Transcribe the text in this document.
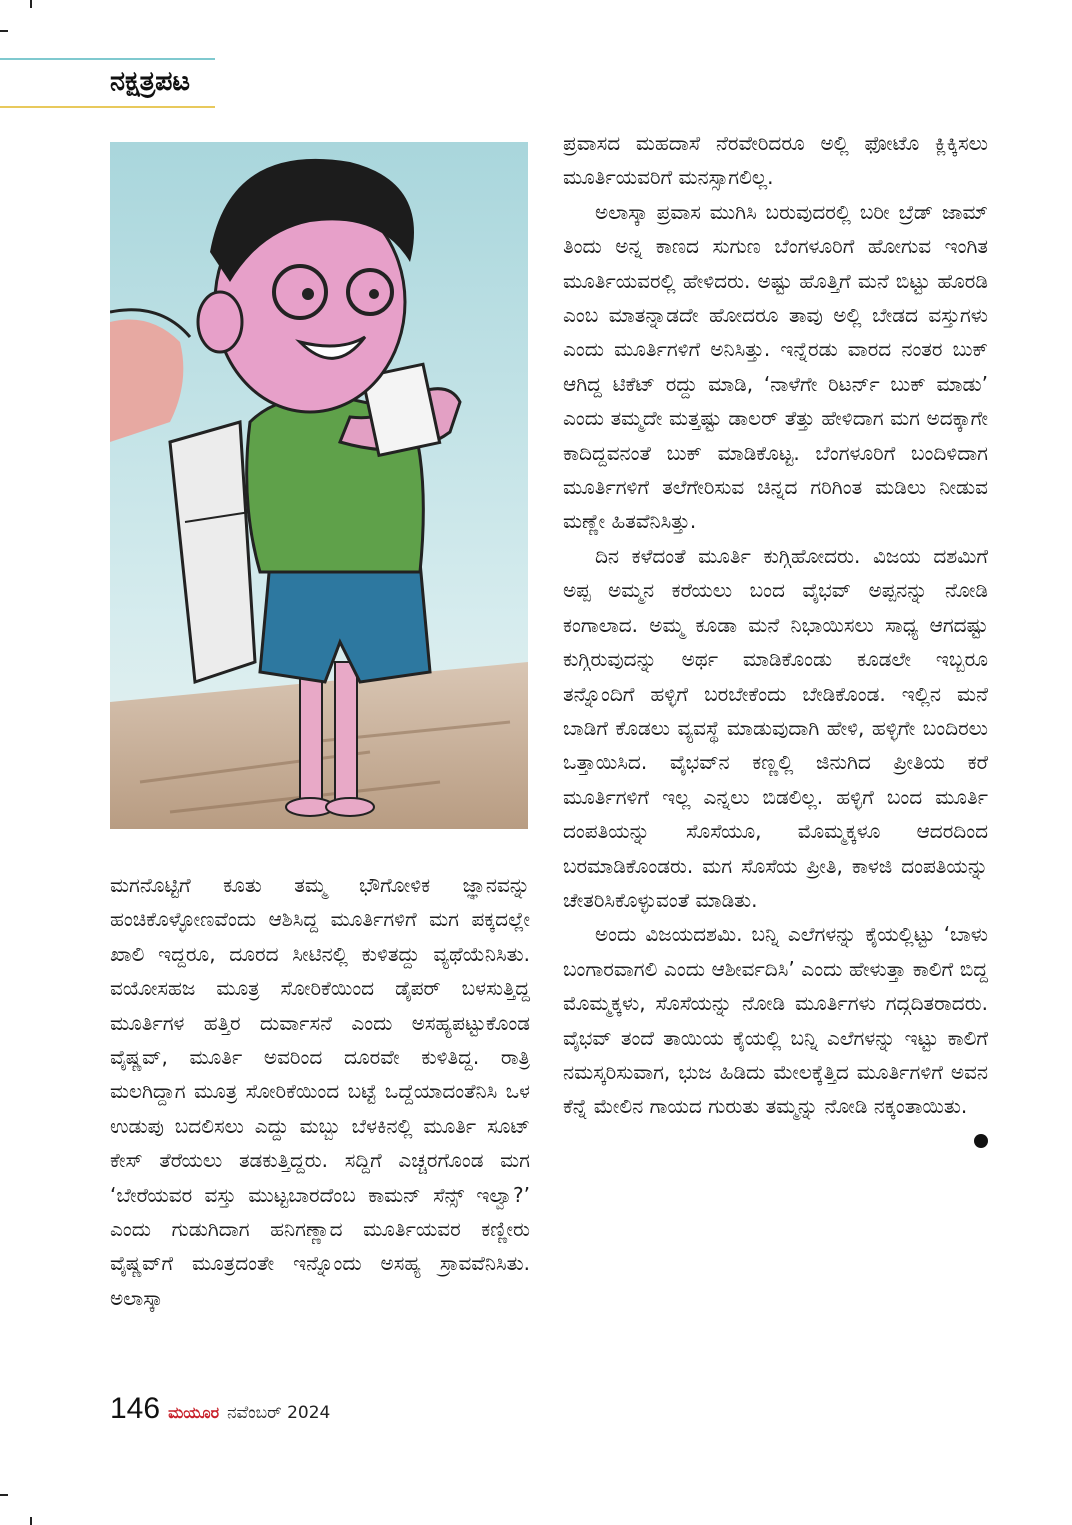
ನಕ್ಷತ್ರಪಟ

ಮಗನೊಟ್ಟಿಗೆ ಕೂತು ತಮ್ಮ ಭೌಗೋಳಿಕ ಜ್ಞಾನವನ್ನು ಹಂಚಿಕೊಳ್ಳೋಣವೆಂದು ಆಶಿಸಿದ್ದ ಮೂರ್ತಿಗಳಿಗೆ ಮಗ ಪಕ್ಕದಲ್ಲೇ ಖಾಲಿ ಇದ್ದರೂ, ದೂರದ ಸೀಟಿನಲ್ಲಿ ಕುಳಿತದ್ದು ವ್ಯಥೆಯೆನಿಸಿತು. ವಯೋಸಹಜ ಮೂತ್ರ ಸೋರಿಕೆಯಿಂದ ಡೈಪರ್ ಬಳಸುತ್ತಿದ್ದ ಮೂರ್ತಿಗಳ ಹತ್ತಿರ ದುರ್ವಾಸನೆ ಎಂದು ಅಸಹ್ಯಪಟ್ಟುಕೊಂಡ ವೈಷ್ಣವ್, ಮೂರ್ತಿ ಅವರಿಂದ ದೂರವೇ ಕುಳಿತಿದ್ದ. ರಾತ್ರಿ ಮಲಗಿದ್ದಾಗ ಮೂತ್ರ ಸೋರಿಕೆಯಿಂದ ಬಟ್ಟೆ ಒದ್ದೆಯಾದಂತೆನಿಸಿ ಒಳ ಉಡುಪು ಬದಲಿಸಲು ಎದ್ದು ಮಬ್ಬು ಬೆಳಕಿನಲ್ಲಿ ಮೂರ್ತಿ ಸೂಟ್ ಕೇಸ್ ತೆರೆಯಲು ತಡಕುತ್ತಿದ್ದರು. ಸದ್ದಿಗೆ ಎಚ್ಚರಗೊಂಡ ಮಗ ‘ಬೇರೆಯವರ ವಸ್ತು ಮುಟ್ಟಬಾರದೆಂಬ ಕಾಮನ್ ಸೆನ್ಸ್ ಇಲ್ವಾ?’ ಎಂದು ಗುಡುಗಿದಾಗ ಹನಿಗಣ್ಣಾದ ಮೂರ್ತಿಯವರ ಕಣ್ಣೀರು ವೈಷ್ಣವ್‌ಗೆ ಮೂತ್ರದಂತೇ ಇನ್ನೊಂದು ಅಸಹ್ಯ ಸ್ರಾವವೆನಿಸಿತು. ಅಲಾಸ್ಕಾ

ಪ್ರವಾಸದ ಮಹದಾಸೆ ನೆರವೇರಿದರೂ ಅಲ್ಲಿ ಫೋಟೊ ಕ್ಲಿಕ್ಕಿಸಲು ಮೂರ್ತಿಯವರಿಗೆ ಮನಸ್ಸಾಗಲಿಲ್ಲ.

ಅಲಾಸ್ಕಾ ಪ್ರವಾಸ ಮುಗಿಸಿ ಬರುವುದರಲ್ಲಿ ಬರೀ ಬ್ರೆಡ್ ಜಾಮ್ ತಿಂದು ಅನ್ನ ಕಾಣದ ಸುಗುಣ ಬೆಂಗಳೂರಿಗೆ ಹೋಗುವ ಇಂಗಿತ ಮೂರ್ತಿಯವರಲ್ಲಿ ಹೇಳಿದರು. ಅಷ್ಟು ಹೊತ್ತಿಗೆ ಮನೆ ಬಿಟ್ಟು ಹೊರಡಿ ಎಂಬ ಮಾತನ್ನಾಡದೇ ಹೋದರೂ ತಾವು ಅಲ್ಲಿ ಬೇಡದ ವಸ್ತುಗಳು ಎಂದು ಮೂರ್ತಿಗಳಿಗೆ ಅನಿಸಿತ್ತು. ಇನ್ನೆರಡು ವಾರದ ನಂತರ ಬುಕ್ ಆಗಿದ್ದ ಟಿಕೆಟ್ ರದ್ದು ಮಾಡಿ, ‘ನಾಳೆಗೇ ರಿಟರ್ನ್ ಬುಕ್ ಮಾಡು’ ಎಂದು ತಮ್ಮದೇ ಮತ್ತಷ್ಟು ಡಾಲರ್ ತೆತ್ತು ಹೇಳಿದಾಗ ಮಗ ಅದಕ್ಕಾಗೇ ಕಾದಿದ್ದವನಂತೆ ಬುಕ್ ಮಾಡಿಕೊಟ್ಟ. ಬೆಂಗಳೂರಿಗೆ ಬಂದಿಳಿದಾಗ ಮೂರ್ತಿಗಳಿಗೆ ತಲೆಗೇರಿಸುವ ಚಿನ್ನದ ಗರಿಗಿಂತ ಮಡಿಲು ನೀಡುವ ಮಣ್ಣೇ ಹಿತವೆನಿಸಿತ್ತು.

ದಿನ ಕಳೆದಂತೆ ಮೂರ್ತಿ ಕುಗ್ಗಿಹೋದರು. ವಿಜಯ ದಶಮಿಗೆ ಅಪ್ಪ ಅಮ್ಮನ ಕರೆಯಲು ಬಂದ ವೈಭವ್ ಅಪ್ಪನನ್ನು ನೋಡಿ ಕಂಗಾಲಾದ. ಅಮ್ಮ ಕೂಡಾ ಮನೆ ನಿಭಾಯಿಸಲು ಸಾಧ್ಯ ಆಗದಷ್ಟು ಕುಗ್ಗಿರುವುದನ್ನು ಅರ್ಥ ಮಾಡಿಕೊಂಡು ಕೂಡಲೇ ಇಬ್ಬರೂ ತನ್ನೊಂದಿಗೆ ಹಳ್ಳಿಗೆ ಬರಬೇಕೆಂದು ಬೇಡಿಕೊಂಡ. ಇಲ್ಲಿನ ಮನೆ ಬಾಡಿಗೆ ಕೊಡಲು ವ್ಯವಸ್ಥೆ ಮಾಡುವುದಾಗಿ ಹೇಳಿ, ಹಳ್ಳಿಗೇ ಬಂದಿರಲು ಒತ್ತಾಯಿಸಿದ. ವೈಭವ್‌ನ ಕಣ್ಣಲ್ಲಿ ಜಿನುಗಿದ ಪ್ರೀತಿಯ ಕರೆ ಮೂರ್ತಿಗಳಿಗೆ ಇಲ್ಲ ಎನ್ನಲು ಬಿಡಲಿಲ್ಲ. ಹಳ್ಳಿಗೆ ಬಂದ ಮೂರ್ತಿ ದಂಪತಿಯನ್ನು ಸೊಸೆಯೂ, ಮೊಮ್ಮಕ್ಕಳೂ ಆದರದಿಂದ ಬರಮಾಡಿಕೊಂಡರು. ಮಗ ಸೊಸೆಯ ಪ್ರೀತಿ, ಕಾಳಜಿ ದಂಪತಿಯನ್ನು ಚೇತರಿಸಿಕೊಳ್ಳುವಂತೆ ಮಾಡಿತು.

ಅಂದು ವಿಜಯದಶಮಿ. ಬನ್ನಿ ಎಲೆಗಳನ್ನು ಕೈಯಲ್ಲಿಟ್ಟು ‘ಬಾಳು ಬಂಗಾರವಾಗಲಿ ಎಂದು ಆಶೀರ್ವದಿಸಿ’ ಎಂದು ಹೇಳುತ್ತಾ ಕಾಲಿಗೆ ಬಿದ್ದ ಮೊಮ್ಮಕ್ಕಳು, ಸೊಸೆಯನ್ನು ನೋಡಿ ಮೂರ್ತಿಗಳು ಗದ್ಗದಿತರಾದರು. ವೈಭವ್ ತಂದೆ ತಾಯಿಯ ಕೈಯಲ್ಲಿ ಬನ್ನಿ ಎಲೆಗಳನ್ನು ಇಟ್ಟು ಕಾಲಿಗೆ ನಮಸ್ಕರಿಸುವಾಗ, ಭುಜ ಹಿಡಿದು ಮೇಲಕ್ಕೆತ್ತಿದ ಮೂರ್ತಿಗಳಿಗೆ ಅವನ ಕೆನ್ನೆ ಮೇಲಿನ ಗಾಯದ ಗುರುತು ತಮ್ಮನ್ನು ನೋಡಿ ನಕ್ಕಂತಾಯಿತು.

146 ಮಯೂರ ನವೆಂಬರ್ 2024
